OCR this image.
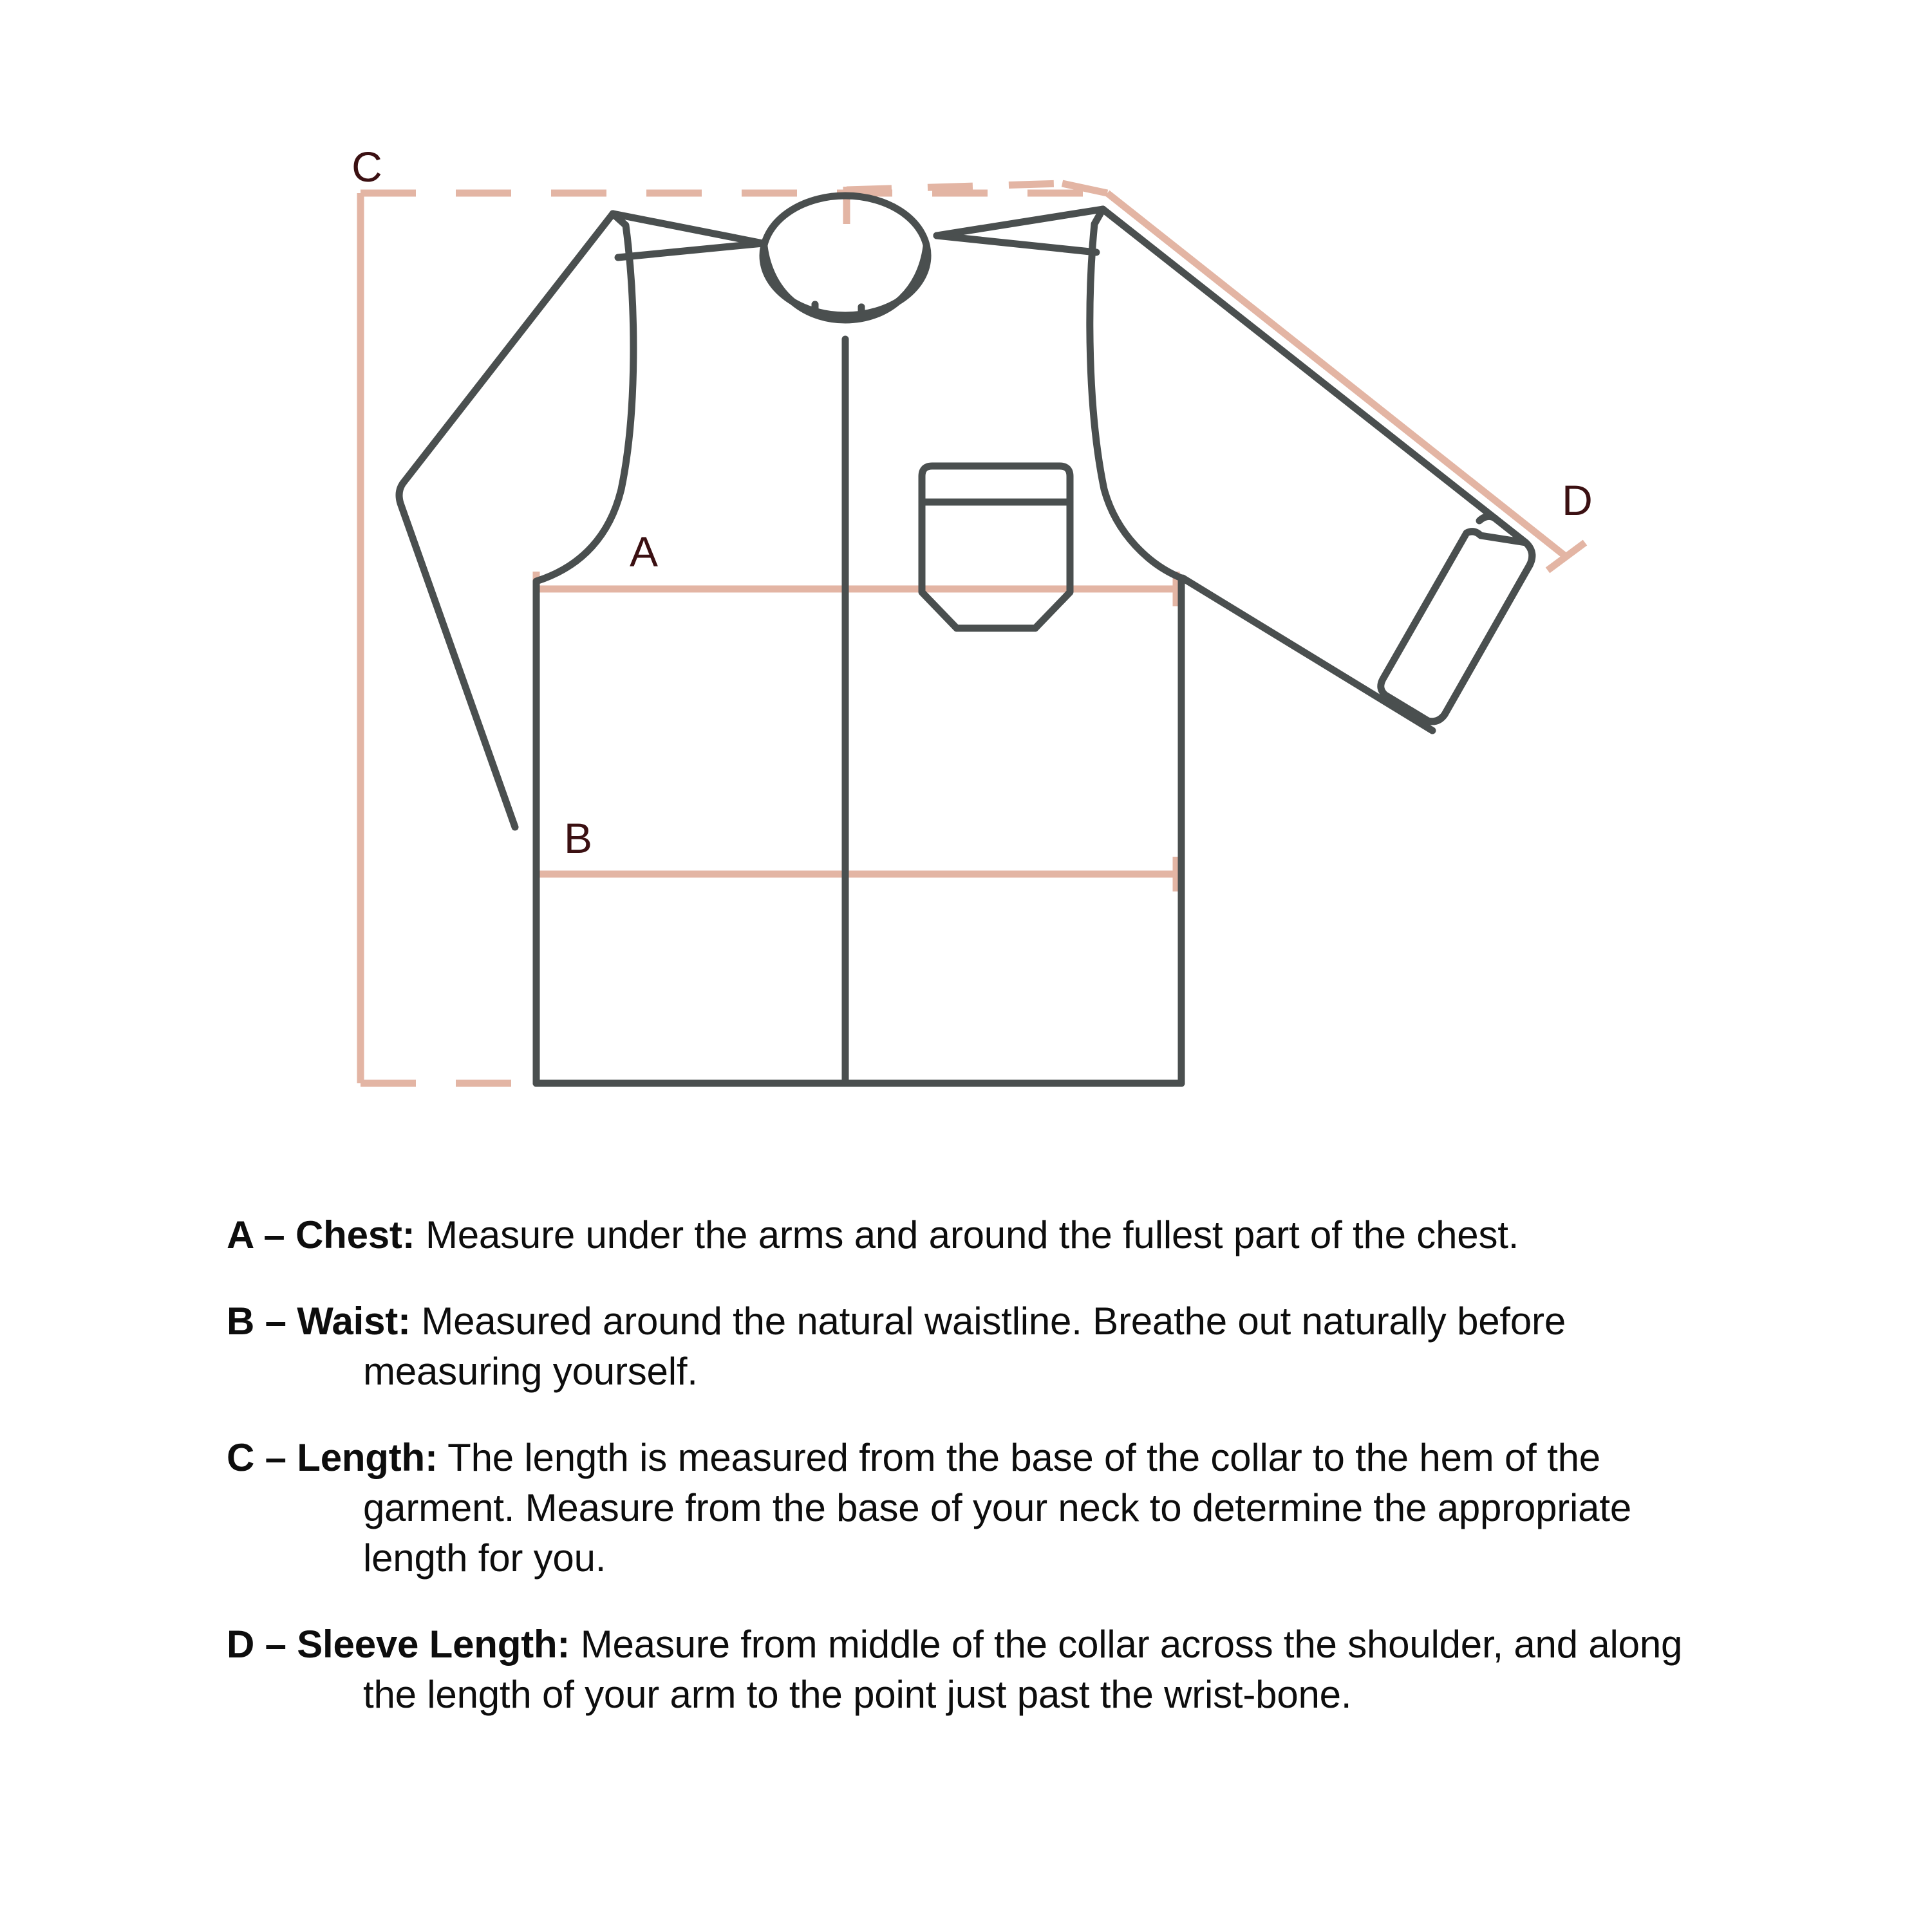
A
B
C
D

A – Chest: Measure under the arms and around the fullest part of the chest.

B – Waist: Measured around the natural waistline. Breathe out naturally before measuring yourself.

C – Length: The length is measured from the base of the collar to the hem of the garment. Measure from the base of your neck to determine the appropriate length for you.

D – Sleeve Length: Measure from middle of the collar across the shoulder, and along the length of your arm to the point just past the wrist-bone.
